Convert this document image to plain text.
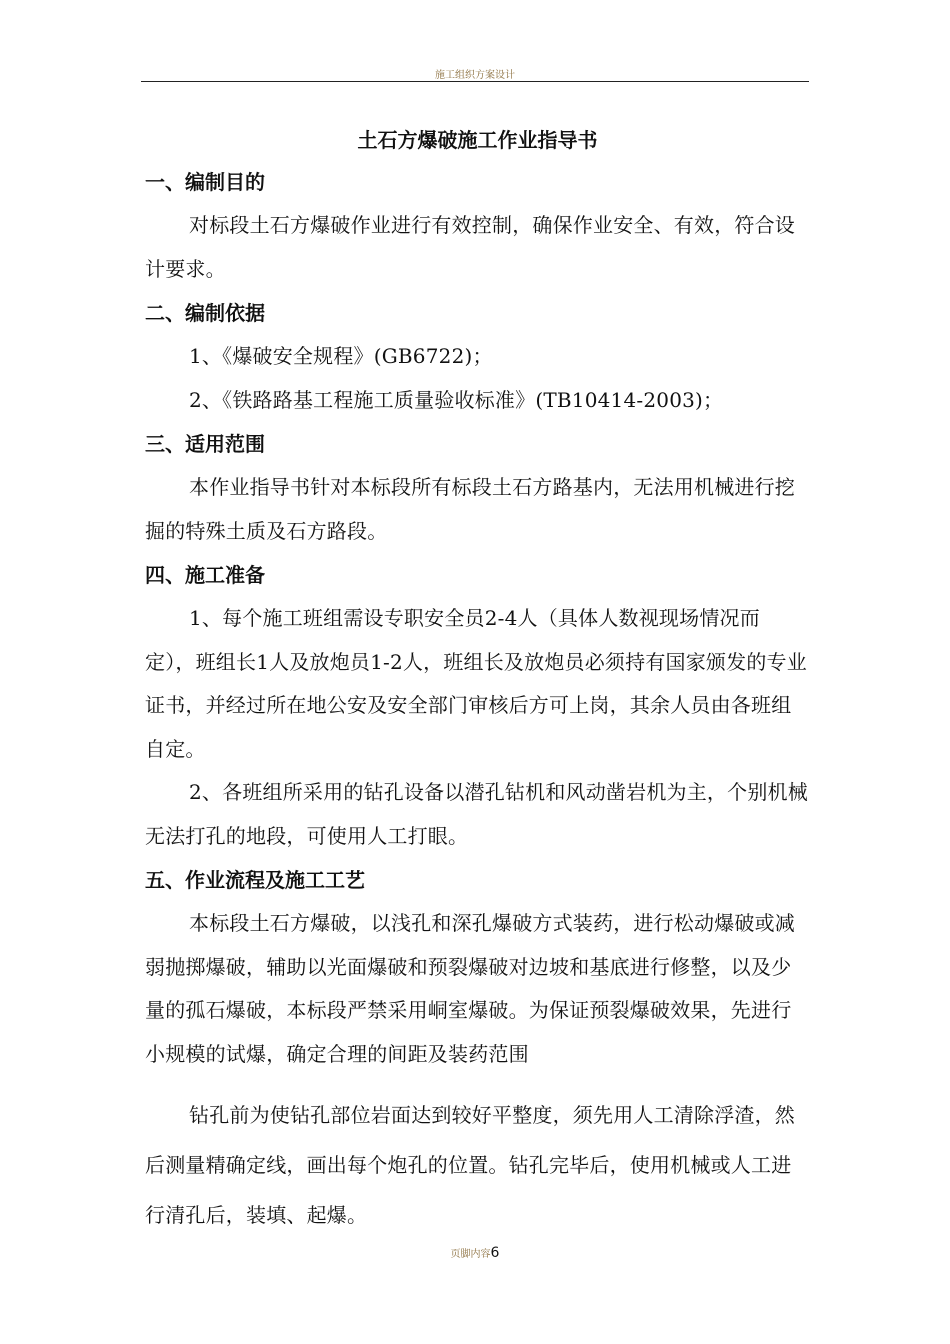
施工组织方案设计
土石方爆破施工作业指导书
一、编制目的

对标段土石方爆破作业进行有效控制，确保作业安全、有效，符合设计要求。

二、编制依据

1、《爆破安全规程》(GB6722)；

2、《铁路路基工程施工质量验收标准》(TB10414-2003)；

三、适用范围

本作业指导书针对本标段所有标段土石方路基内，无法用机械进行挖掘的特殊土质及石方路段。

四、施工准备

1、每个施工班组需设专职安全员2-4人（具体人数视现场情况而定），班组长1人及放炮员1-2人，班组长及放炮员必须持有国家颁发的专业证书，并经过所在地公安及安全部门审核后方可上岗，其余人员由各班组自定。

2、各班组所采用的钻孔设备以潜孔钻机和风动凿岩机为主，个别机械无法打孔的地段，可使用人工打眼。

五、作业流程及施工工艺

本标段土石方爆破，以浅孔和深孔爆破方式装药，进行松动爆破或减弱抛掷爆破，辅助以光面爆破和预裂爆破对边坡和基底进行修整，以及少量的孤石爆破，本标段严禁采用峒室爆破。为保证预裂爆破效果，先进行小规模的试爆，确定合理的间距及装药范围

钻孔前为使钻孔部位岩面达到较好平整度，须先用人工清除浮渣，然后测量精确定线，画出每个炮孔的位置。钻孔完毕后，使用机械或人工进行清孔后，装填、起爆。

页脚内容6
